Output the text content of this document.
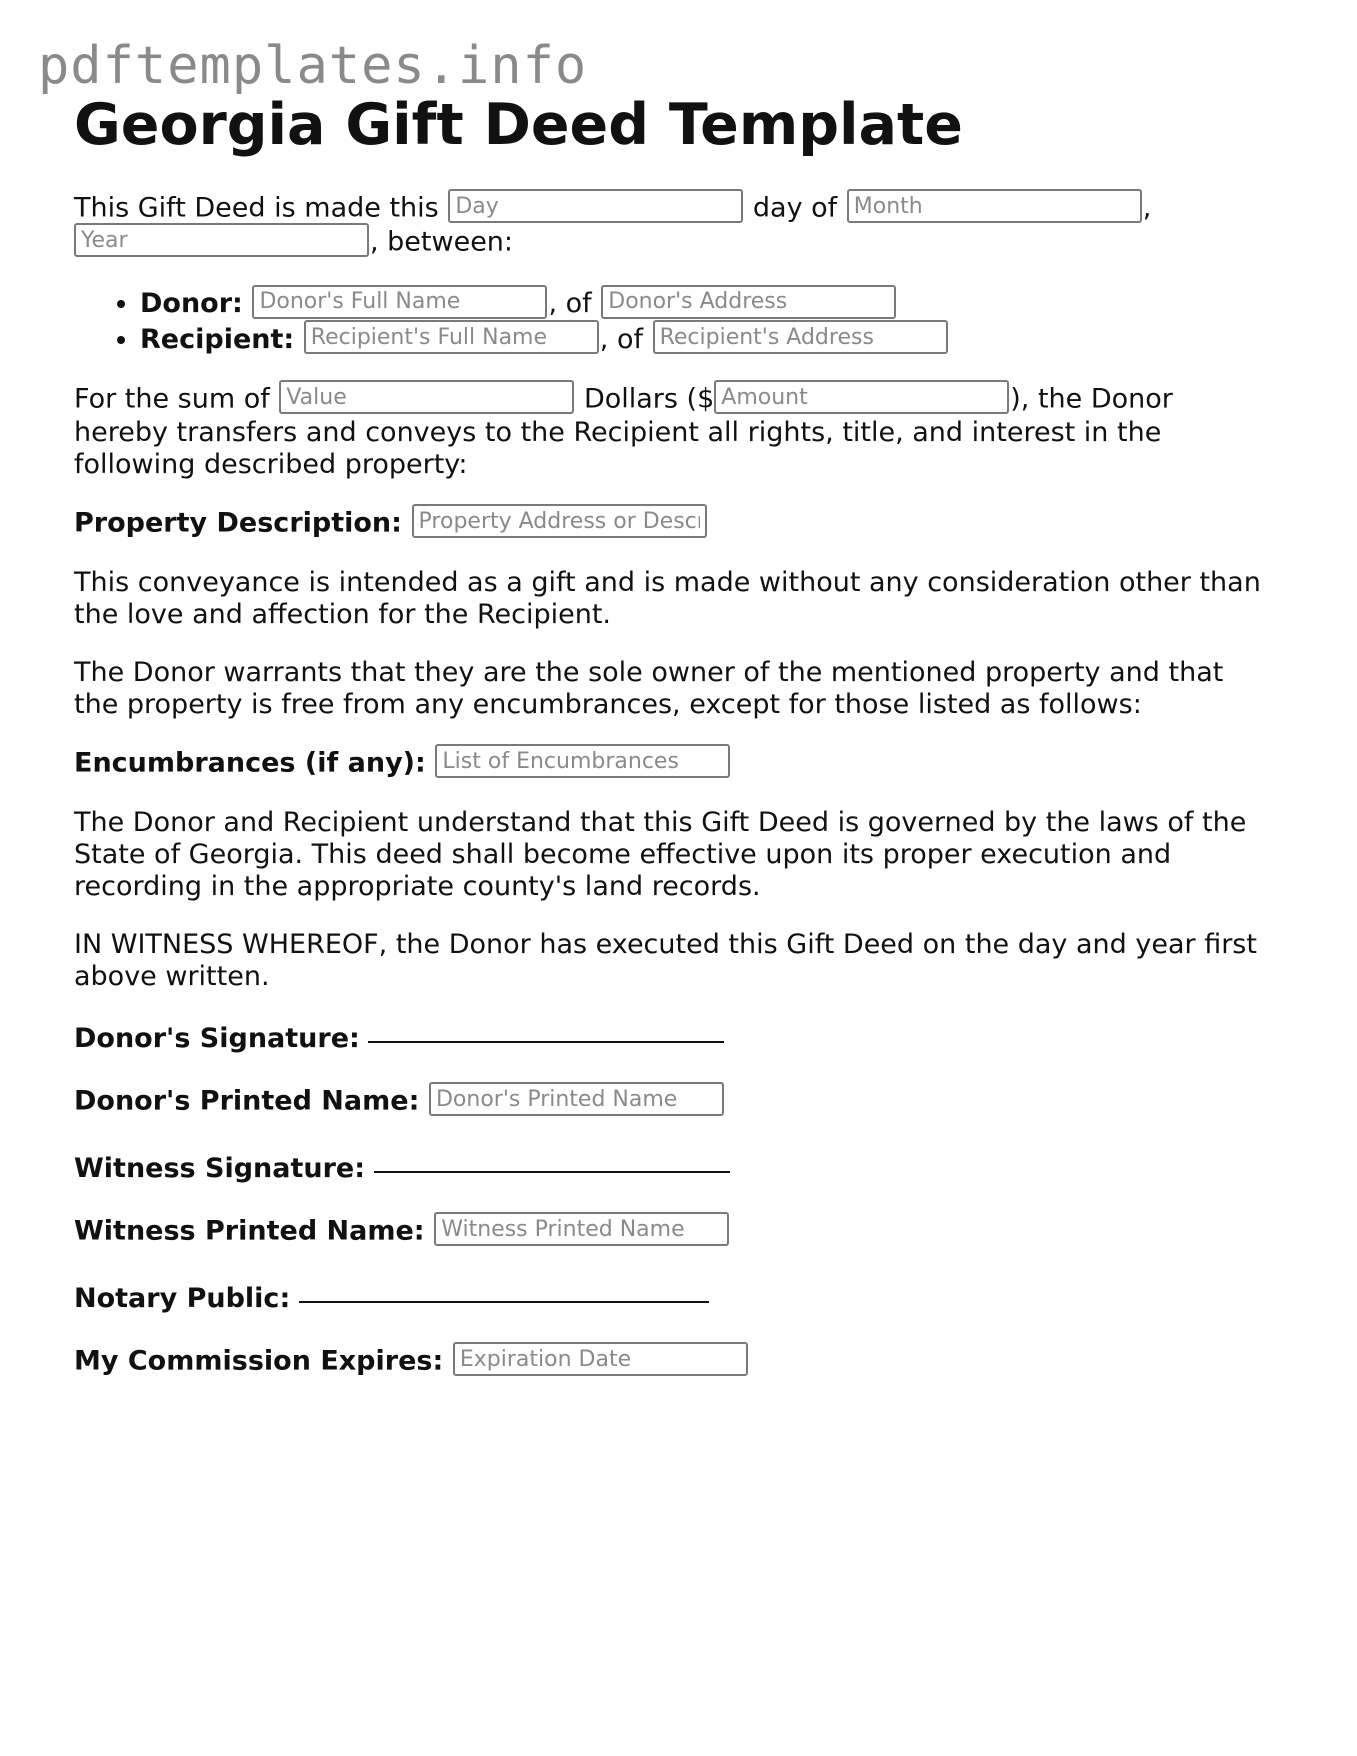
pdftemplates.info
Georgia Gift Deed Template

This Gift Deed is made this Day	day of Month	, Year, between:

• Donor: Donor's Full Name	, of Donor's Address
• Recipient: Recipient's Full Name	, of Recipient's Address

For the sum of Value	Dollars ($Amount	), the Donor hereby transfers and conveys to the Recipient all rights, title, and interest in the following described property:

Property Description: Property Address or Description

This conveyance is intended as a gift and is made without any consideration other than the love and affection for the Recipient.

The Donor warrants that they are the sole owner of the mentioned property and that the property is free from any encumbrances, except for those listed as follows:

Encumbrances (if any): List of Encumbrances

The Donor and Recipient understand that this Gift Deed is governed by the laws of the State of Georgia. This deed shall become effective upon its proper execution and recording in the appropriate county's land records.

IN WITNESS WHEREOF, the Donor has executed this Gift Deed on the day and year first above written.

Donor's Signature:

Donor's Printed Name: Donor's Printed Name

Witness Signature:

Witness Printed Name: Witness Printed Name

Notary Public:

My Commission Expires: Expiration Date
